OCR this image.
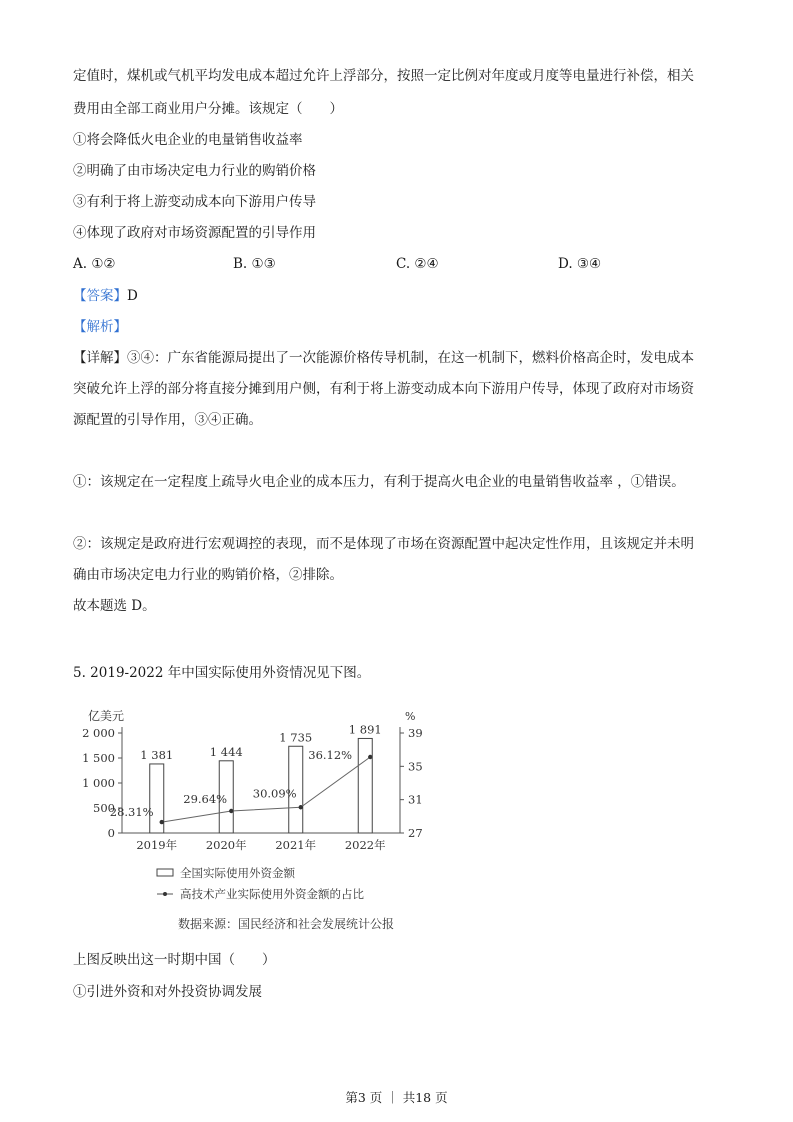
定值时，煤机或气机平均发电成本超过允许上浮部分，按照一定比例对年度或月度等电量进行补偿，相关
费用由全部工商业用户分摊。该规定（　　）
①将会降低火电企业的电量销售收益率
②明确了由市场决定电力行业的购销价格
③有利于将上游变动成本向下游用户传导
④体现了政府对市场资源配置的引导作用
A. ①②	B. ①③	C. ②④	D. ③④
【答案】D
【解析】
【详解】③④：广东省能源局提出了一次能源价格传导机制，在这一机制下，燃料价格高企时，发电成本
突破允许上浮的部分将直接分摊到用户侧，有利于将上游变动成本向下游用户传导，体现了政府对市场资
源配置的引导作用，③④正确。
①：该规定在一定程度上疏导火电企业的成本压力，有利于提高火电企业的电量销售收益率 ，①错误。
②：该规定是政府进行宏观调控的表现，而不是体现了市场在资源配置中起决定性作用，且该规定并未明
确由市场决定电力行业的购销价格，②排除。
故本题选 D。
5. 2019-2022 年中国实际使用外资情况见下图。
亿美元	%
0
500
1 000
1 500
2 000
27
31
35
39
1 381
2019年
1 444
2020年
1 735
2021年
1 891
2022年
28.31%
29.64% 30.09%
36.12%
全国实际使用外资金额
高技术产业实际使用外资金额的占比
数据来源：国民经济和社会发展统计公报
上图反映出这一时期中国（　　）
①引进外资和对外投资协调发展
第3 页 ｜ 共18 页
